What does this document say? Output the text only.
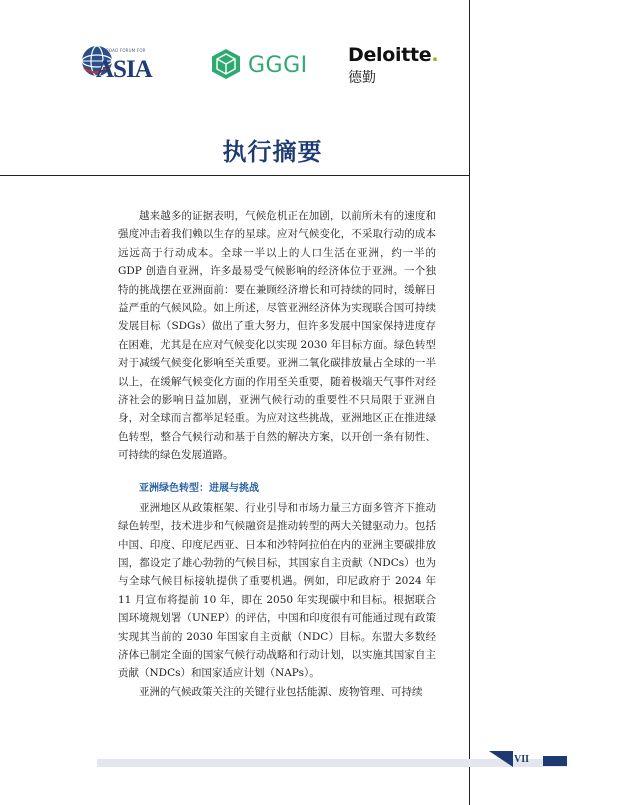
BOAO FORUM FOR
ASIA	GGGI Deloitte.
德勤
执行摘要

越来越多的证据表明，气候危机正在加剧，以前所未有的速度和强度冲击着我们赖以生存的星球。应对气候变化，不采取行动的成本远远高于行动成本。全球一半以上的人口生活在亚洲，约一半的 GDP 创造自亚洲，许多最易受气候影响的经济体位于亚洲。一个独特的挑战摆在亚洲面前：要在兼顾经济增长和可持续的同时，缓解日益严重的气候风险。如上所述，尽管亚洲经济体为实现联合国可持续发展目标（SDGs）做出了重大努力，但许多发展中国家保持进度存在困难，尤其是在应对气候变化以实现 2030 年目标方面。绿色转型对于减缓气候变化影响至关重要。亚洲二氧化碳排放量占全球的一半以上，在缓解气候变化方面的作用至关重要，随着极端天气事件对经济社会的影响日益加剧，亚洲气候行动的重要性不只局限于亚洲自身，对全球而言都举足轻重。为应对这些挑战，亚洲地区正在推进绿色转型，整合气候行动和基于自然的解决方案，以开创一条有韧性、可持续的绿色发展道路。

亚洲绿色转型：进展与挑战

亚洲地区从政策框架、行业引导和市场力量三方面多管齐下推动绿色转型，技术进步和气候融资是推动转型的两大关键驱动力。包括中国、印度、印度尼西亚、日本和沙特阿拉伯在内的亚洲主要碳排放国，都设定了雄心勃勃的气候目标，其国家自主贡献（NDCs）也为与全球气候目标接轨提供了重要机遇。例如，印尼政府于 2024 年 11 月宣布将提前 10 年，即在 2050 年实现碳中和目标。根据联合国环境规划署（UNEP）的评估，中国和印度很有可能通过现有政策实现其当前的 2030 年国家自主贡献（NDC）目标。东盟大多数经济体已制定全面的国家气候行动战略和行动计划，以实施其国家自主贡献（NDCs）和国家适应计划（NAPs）。

亚洲的气候政策关注的关键行业包括能源、废物管理、可持续

VII
